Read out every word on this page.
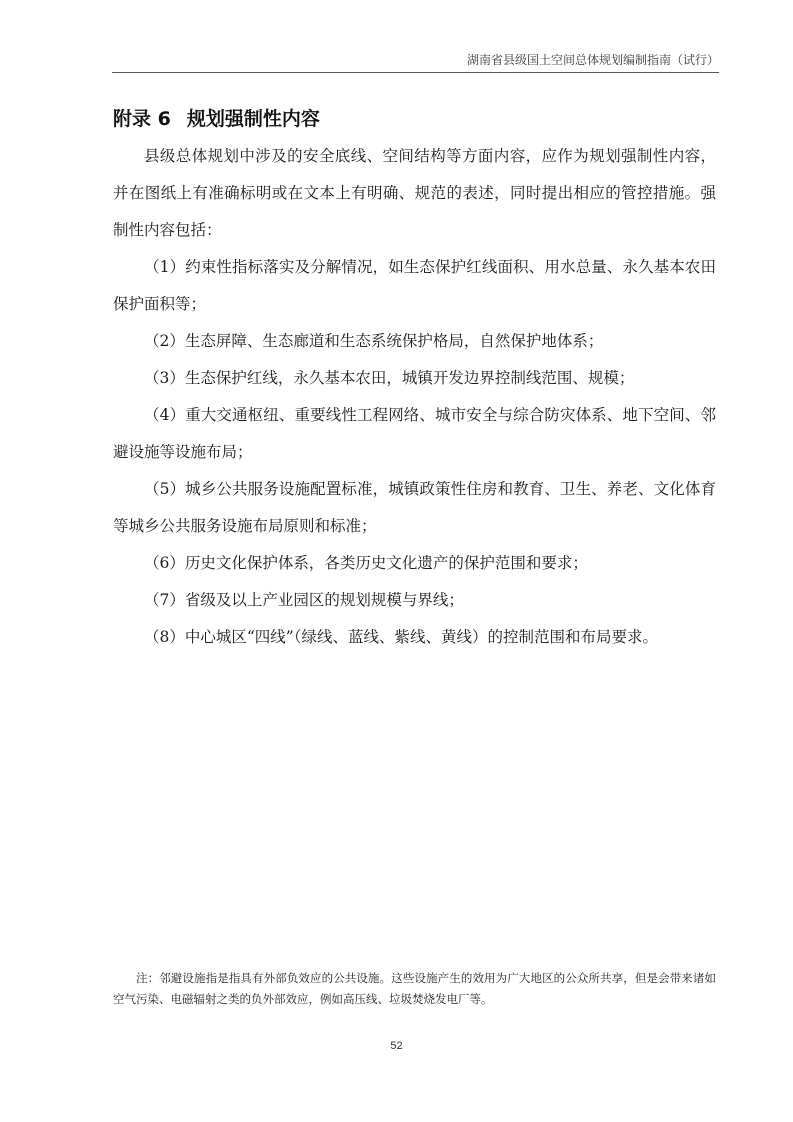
湖南省县级国土空间总体规划编制指南（试行）
附录 6 规划强制性内容

县级总体规划中涉及的安全底线、空间结构等方面内容，应作为规划强制性内容，并在图纸上有准确标明或在文本上有明确、规范的表述，同时提出相应的管控措施。强制性内容包括：

（1）约束性指标落实及分解情况，如生态保护红线面积、用水总量、永久基本农田保护面积等；

（2）生态屏障、生态廊道和生态系统保护格局，自然保护地体系；

（3）生态保护红线，永久基本农田，城镇开发边界控制线范围、规模；

（4）重大交通枢纽、重要线性工程网络、城市安全与综合防灾体系、地下空间、邻避设施等设施布局；

（5）城乡公共服务设施配置标准，城镇政策性住房和教育、卫生、养老、文化体育等城乡公共服务设施布局原则和标准；

（6）历史文化保护体系，各类历史文化遗产的保护范围和要求；

（7）省级及以上产业园区的规划规模与界线；

（8）中心城区“四线”（绿线、蓝线、紫线、黄线）的控制范围和布局要求。

注：邻避设施指是指具有外部负效应的公共设施。这些设施产生的效用为广大地区的公众所共享，但是会带来诸如空气污染、电磁辐射之类的负外部效应，例如高压线、垃圾焚烧发电厂等。

52
